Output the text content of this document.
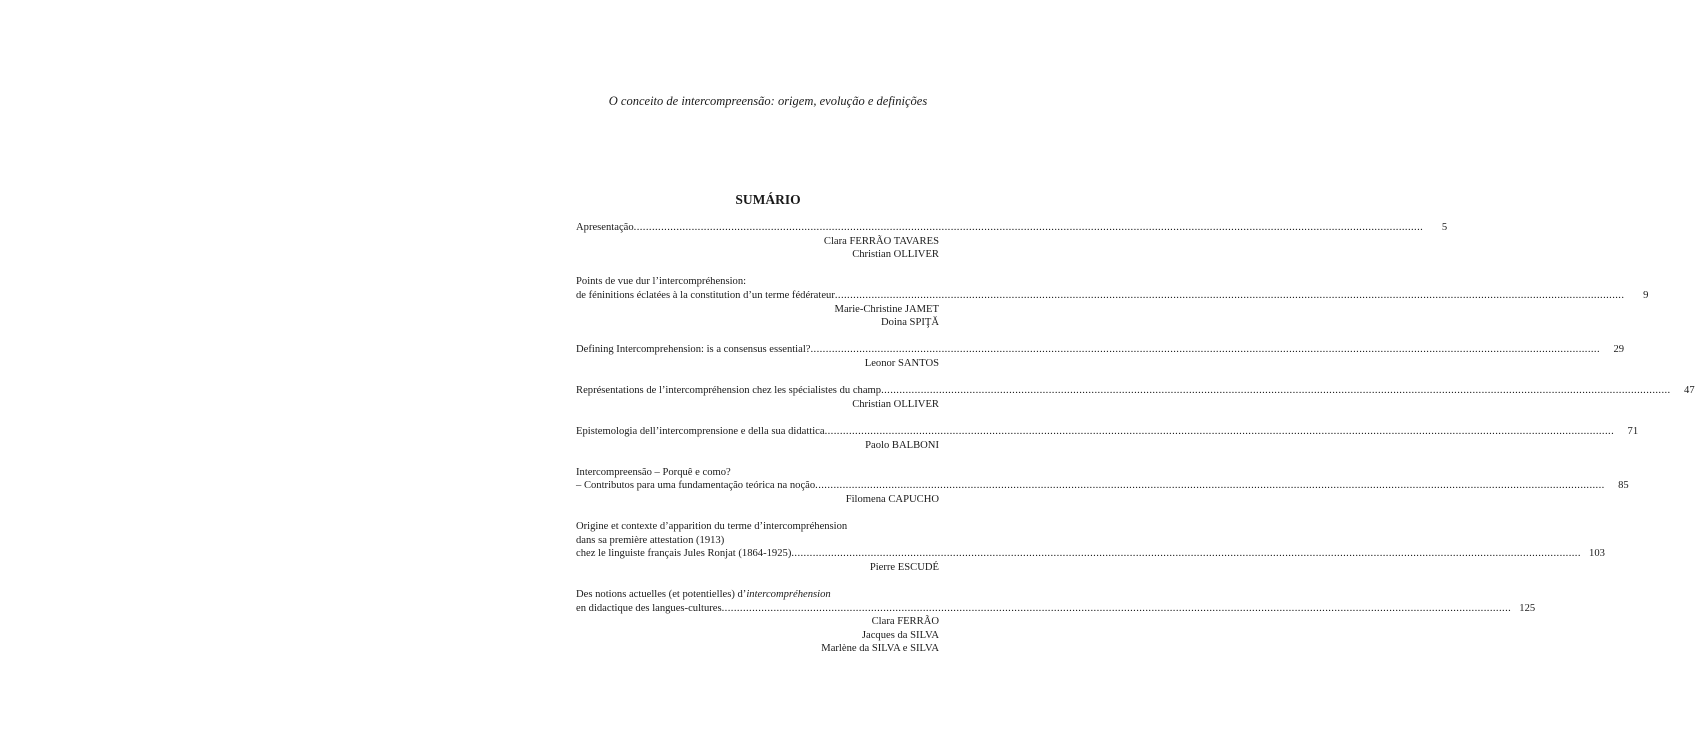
O conceito de intercompreensão: origem, evolução e definições
SUMÁRIO
Apresentação ...................................................................................................................................................................................................................................................................	5
Clara FERRÃO TAVARES
Christian OLLIVER
Points de vue dur l’intercompréhension:
de féninitions éclatées à la constitution d’un terme fédérateur ...................................................................................................................................................................................................................................................................	9
Marie-Christine JAMET
Doina SPIŢĂ
Defining Intercomprehension: is a consensus essential? ...................................................................................................................................................................................................................................................................	29
Leonor SANTOS
Représentations de l’intercompréhension chez les spécialistes du champ ...................................................................................................................................................................................................................................................................	47
Christian OLLIVER
Epistemologia dell’intercomprensione e della sua didattica ...................................................................................................................................................................................................................................................................	71
Paolo BALBONI
Intercompreensão – Porquê e como?
– Contributos para uma fundamentação teórica na noção ...................................................................................................................................................................................................................................................................	85
Filomena CAPUCHO
Origine et contexte d’apparition du terme d’intercompréhension
dans sa première attestation (1913)
chez le linguiste français Jules Ronjat (1864-1925) ................................................................................................................................................................................................................................................................... 103
Pierre ESCUDÉ
Des notions actuelles (et potentielles) d’ intercompréhension
en didactique des langues-cultures ................................................................................................................................................................................................................................................................... 125
Clara FERRÃO
Jacques da SILVA
Marlène da SILVA e SILVA
